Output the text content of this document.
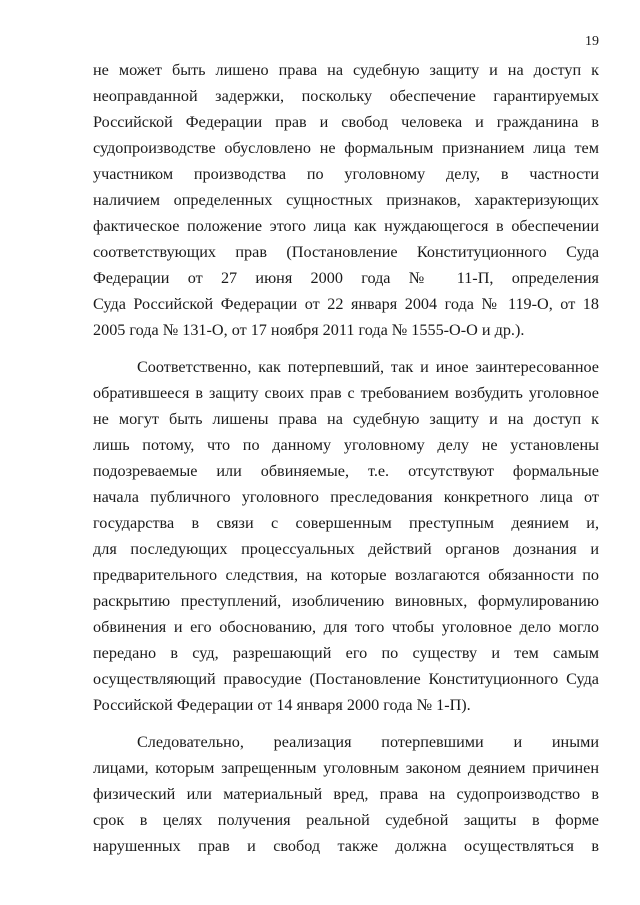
19
не может быть лишено права на судебную защиту и на доступ к
неоправданной задержки, поскольку обеспечение гарантируемых
Российской Федерации прав и свобод человека и гражданина в
судопроизводстве обусловлено не формальным признанием лица тем
участником производства по уголовному делу, в частности
наличием определенных сущностных признаков, характеризующих
фактическое положение этого лица как нуждающегося в обеспечении
соответствующих прав (Постановление Конституционного Суда
Федерации от 27 июня 2000 года № 11-П, определения
Суда Российской Федерации от 22 января 2004 года № 119-О, от 18
2005 года № 131-О, от 17 ноября 2011 года № 1555-О-О и др.).
Соответственно, как потерпевший, так и иное заинтересованное
обратившееся в защиту своих прав с требованием возбудить уголовное
не могут быть лишены права на судебную защиту и на доступ к
лишь потому, что по данному уголовному делу не установлены
подозреваемые или обвиняемые, т.е. отсутствуют формальные
начала публичного уголовного преследования конкретного лица от
государства в связи с совершенным преступным деянием и,
для последующих процессуальных действий органов дознания и
предварительного следствия, на которые возлагаются обязанности по
раскрытию преступлений, изобличению виновных, формулированию
обвинения и его обоснованию, для того чтобы уголовное дело могло
передано в суд, разрешающий его по существу и тем самым
осуществляющий правосудие (Постановление Конституционного Суда
Российской Федерации от 14 января 2000 года № 1-П).
Следовательно, реализация потерпевшими и иными
лицами, которым запрещенным уголовным законом деянием причинен
физический или материальный вред, права на судопроизводство в
срок в целях получения реальной судебной защиты в форме
нарушенных прав и свобод также должна осуществляться в
